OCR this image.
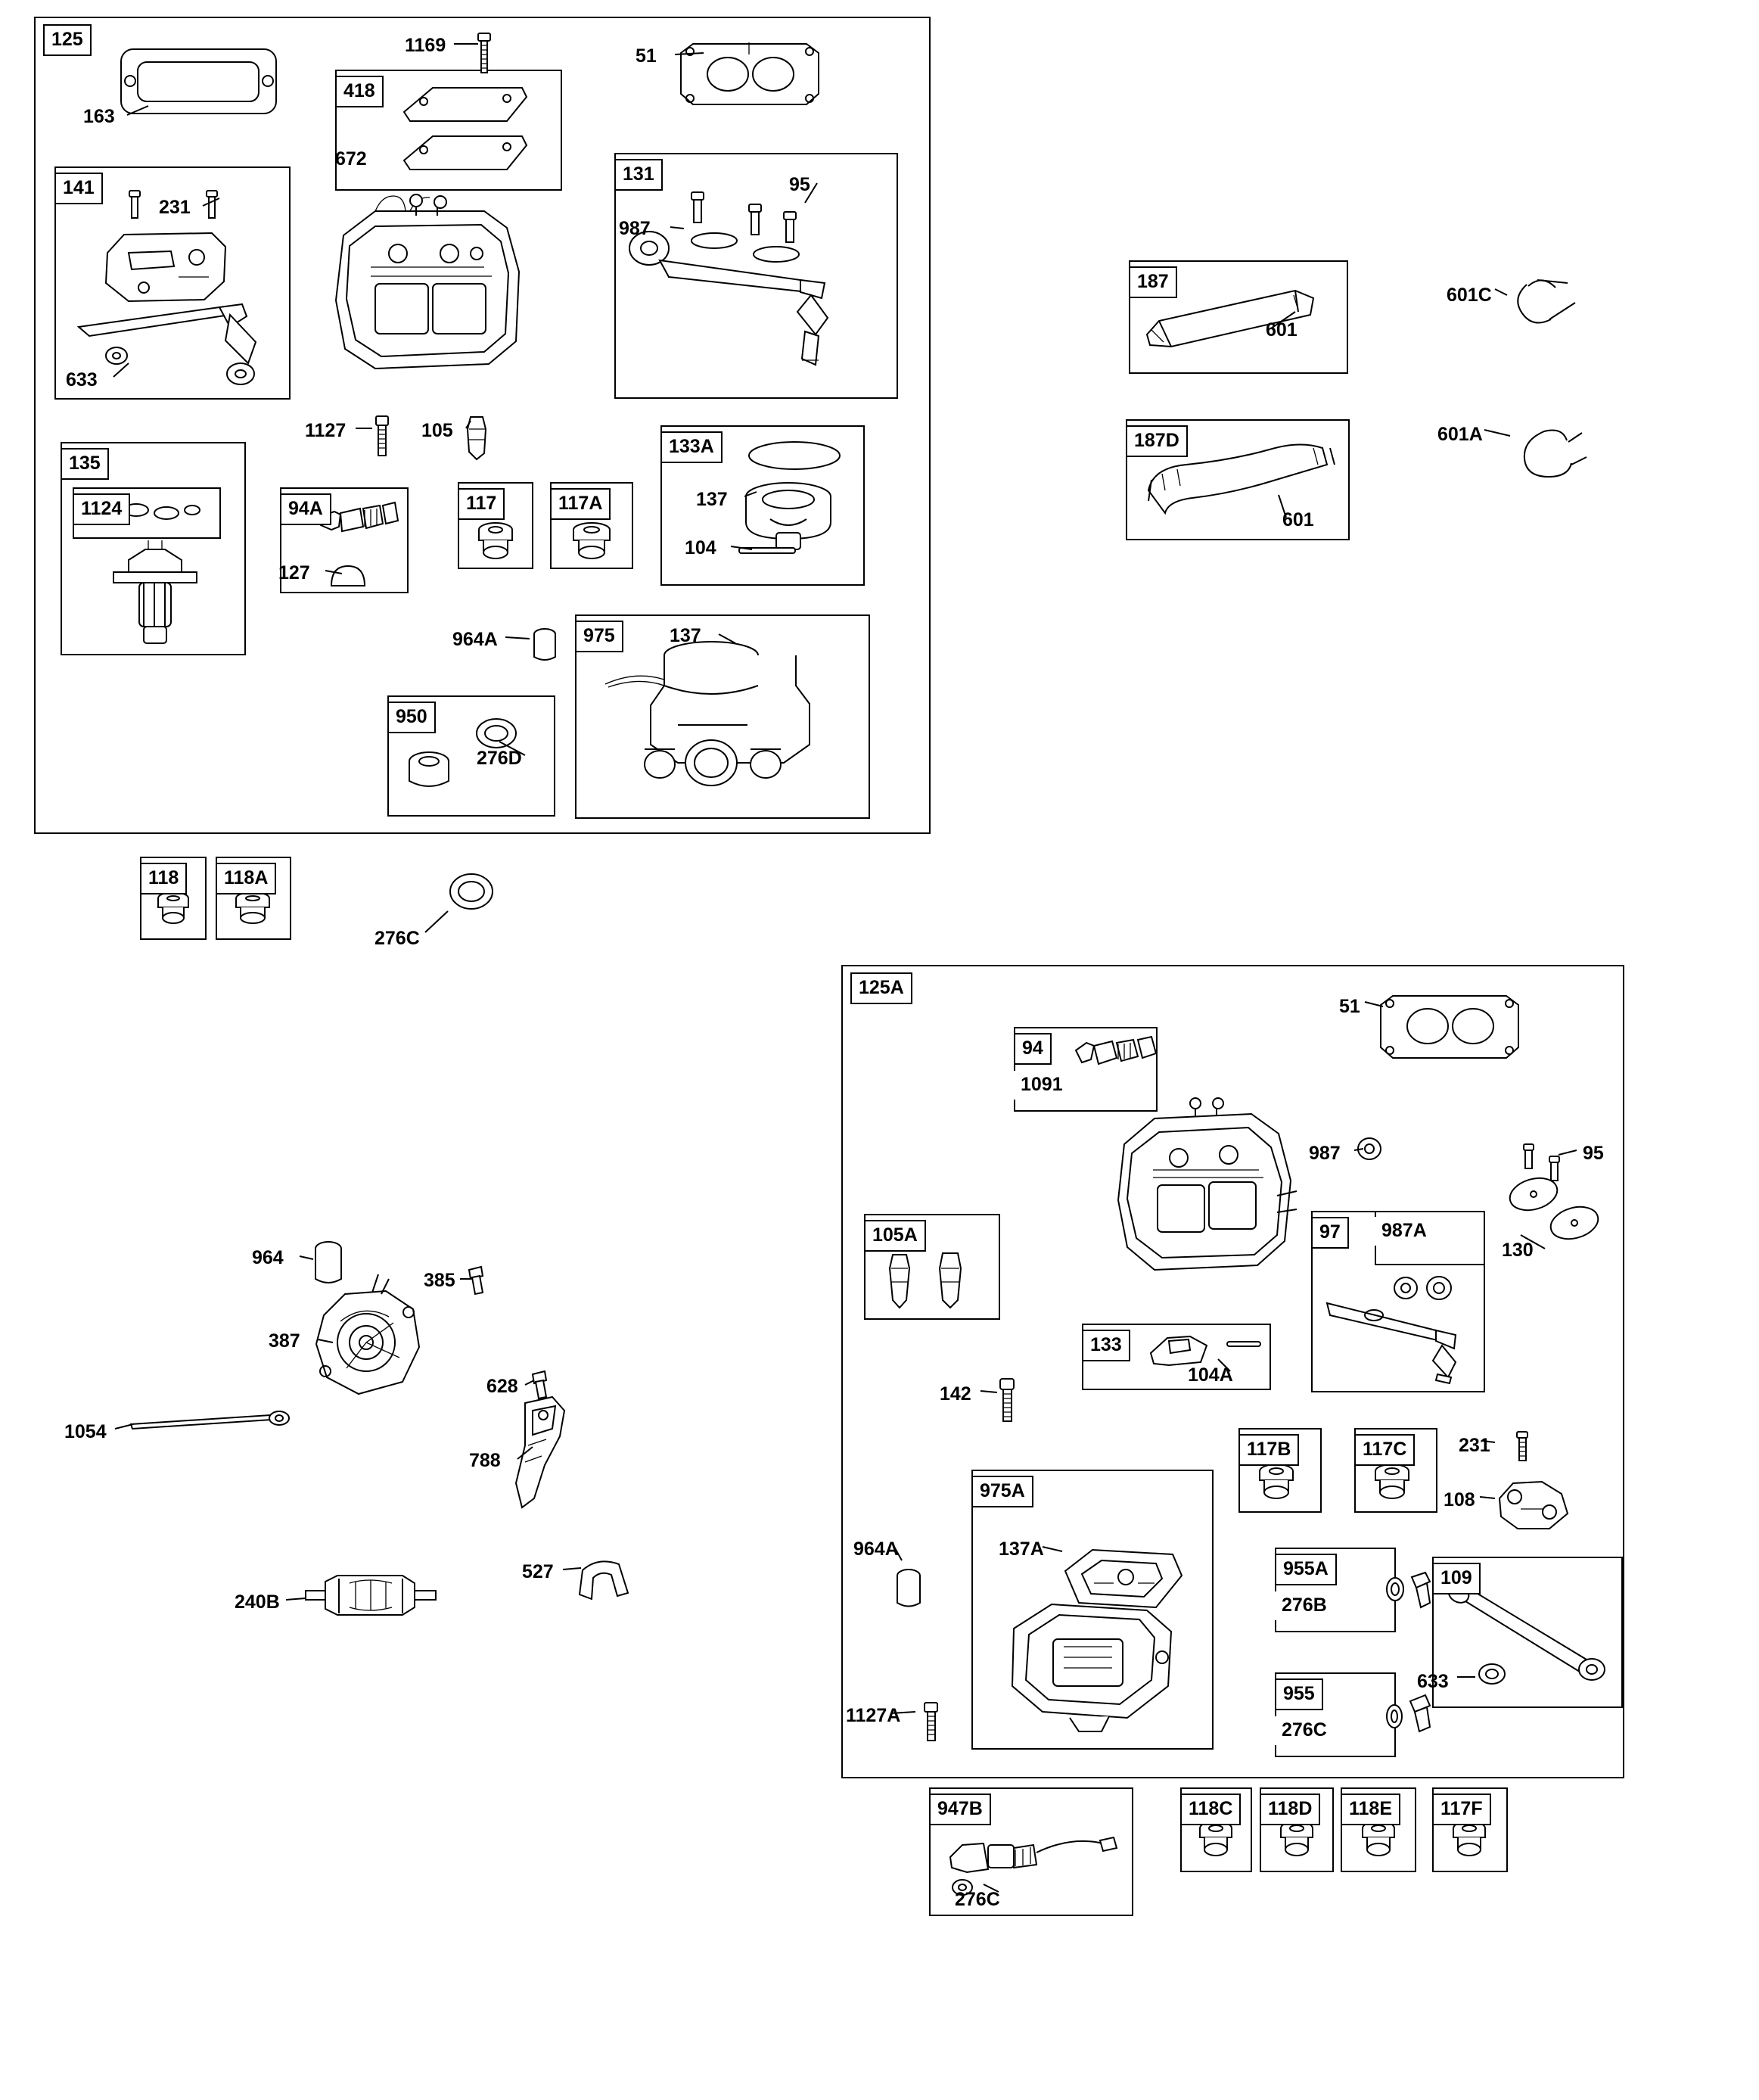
125
418
141
131
135
1124	94A	117	117A
133A
975
950
187
187D
118	118A
125A
94
1091
105A
133
97	987A
117B	117C
975A
955A
276B
109
955
276C
947B	118C	118D	118E	117F
163
1169	51
672
231
987
95
633
1127	105
137
104
127
964A	137
276D
601
601C
601
601A
276C
964
385
387
628
1054
788
240B
527
51
987	95
130
104A
142
231
108
964A	137A
633
1127A
276C
